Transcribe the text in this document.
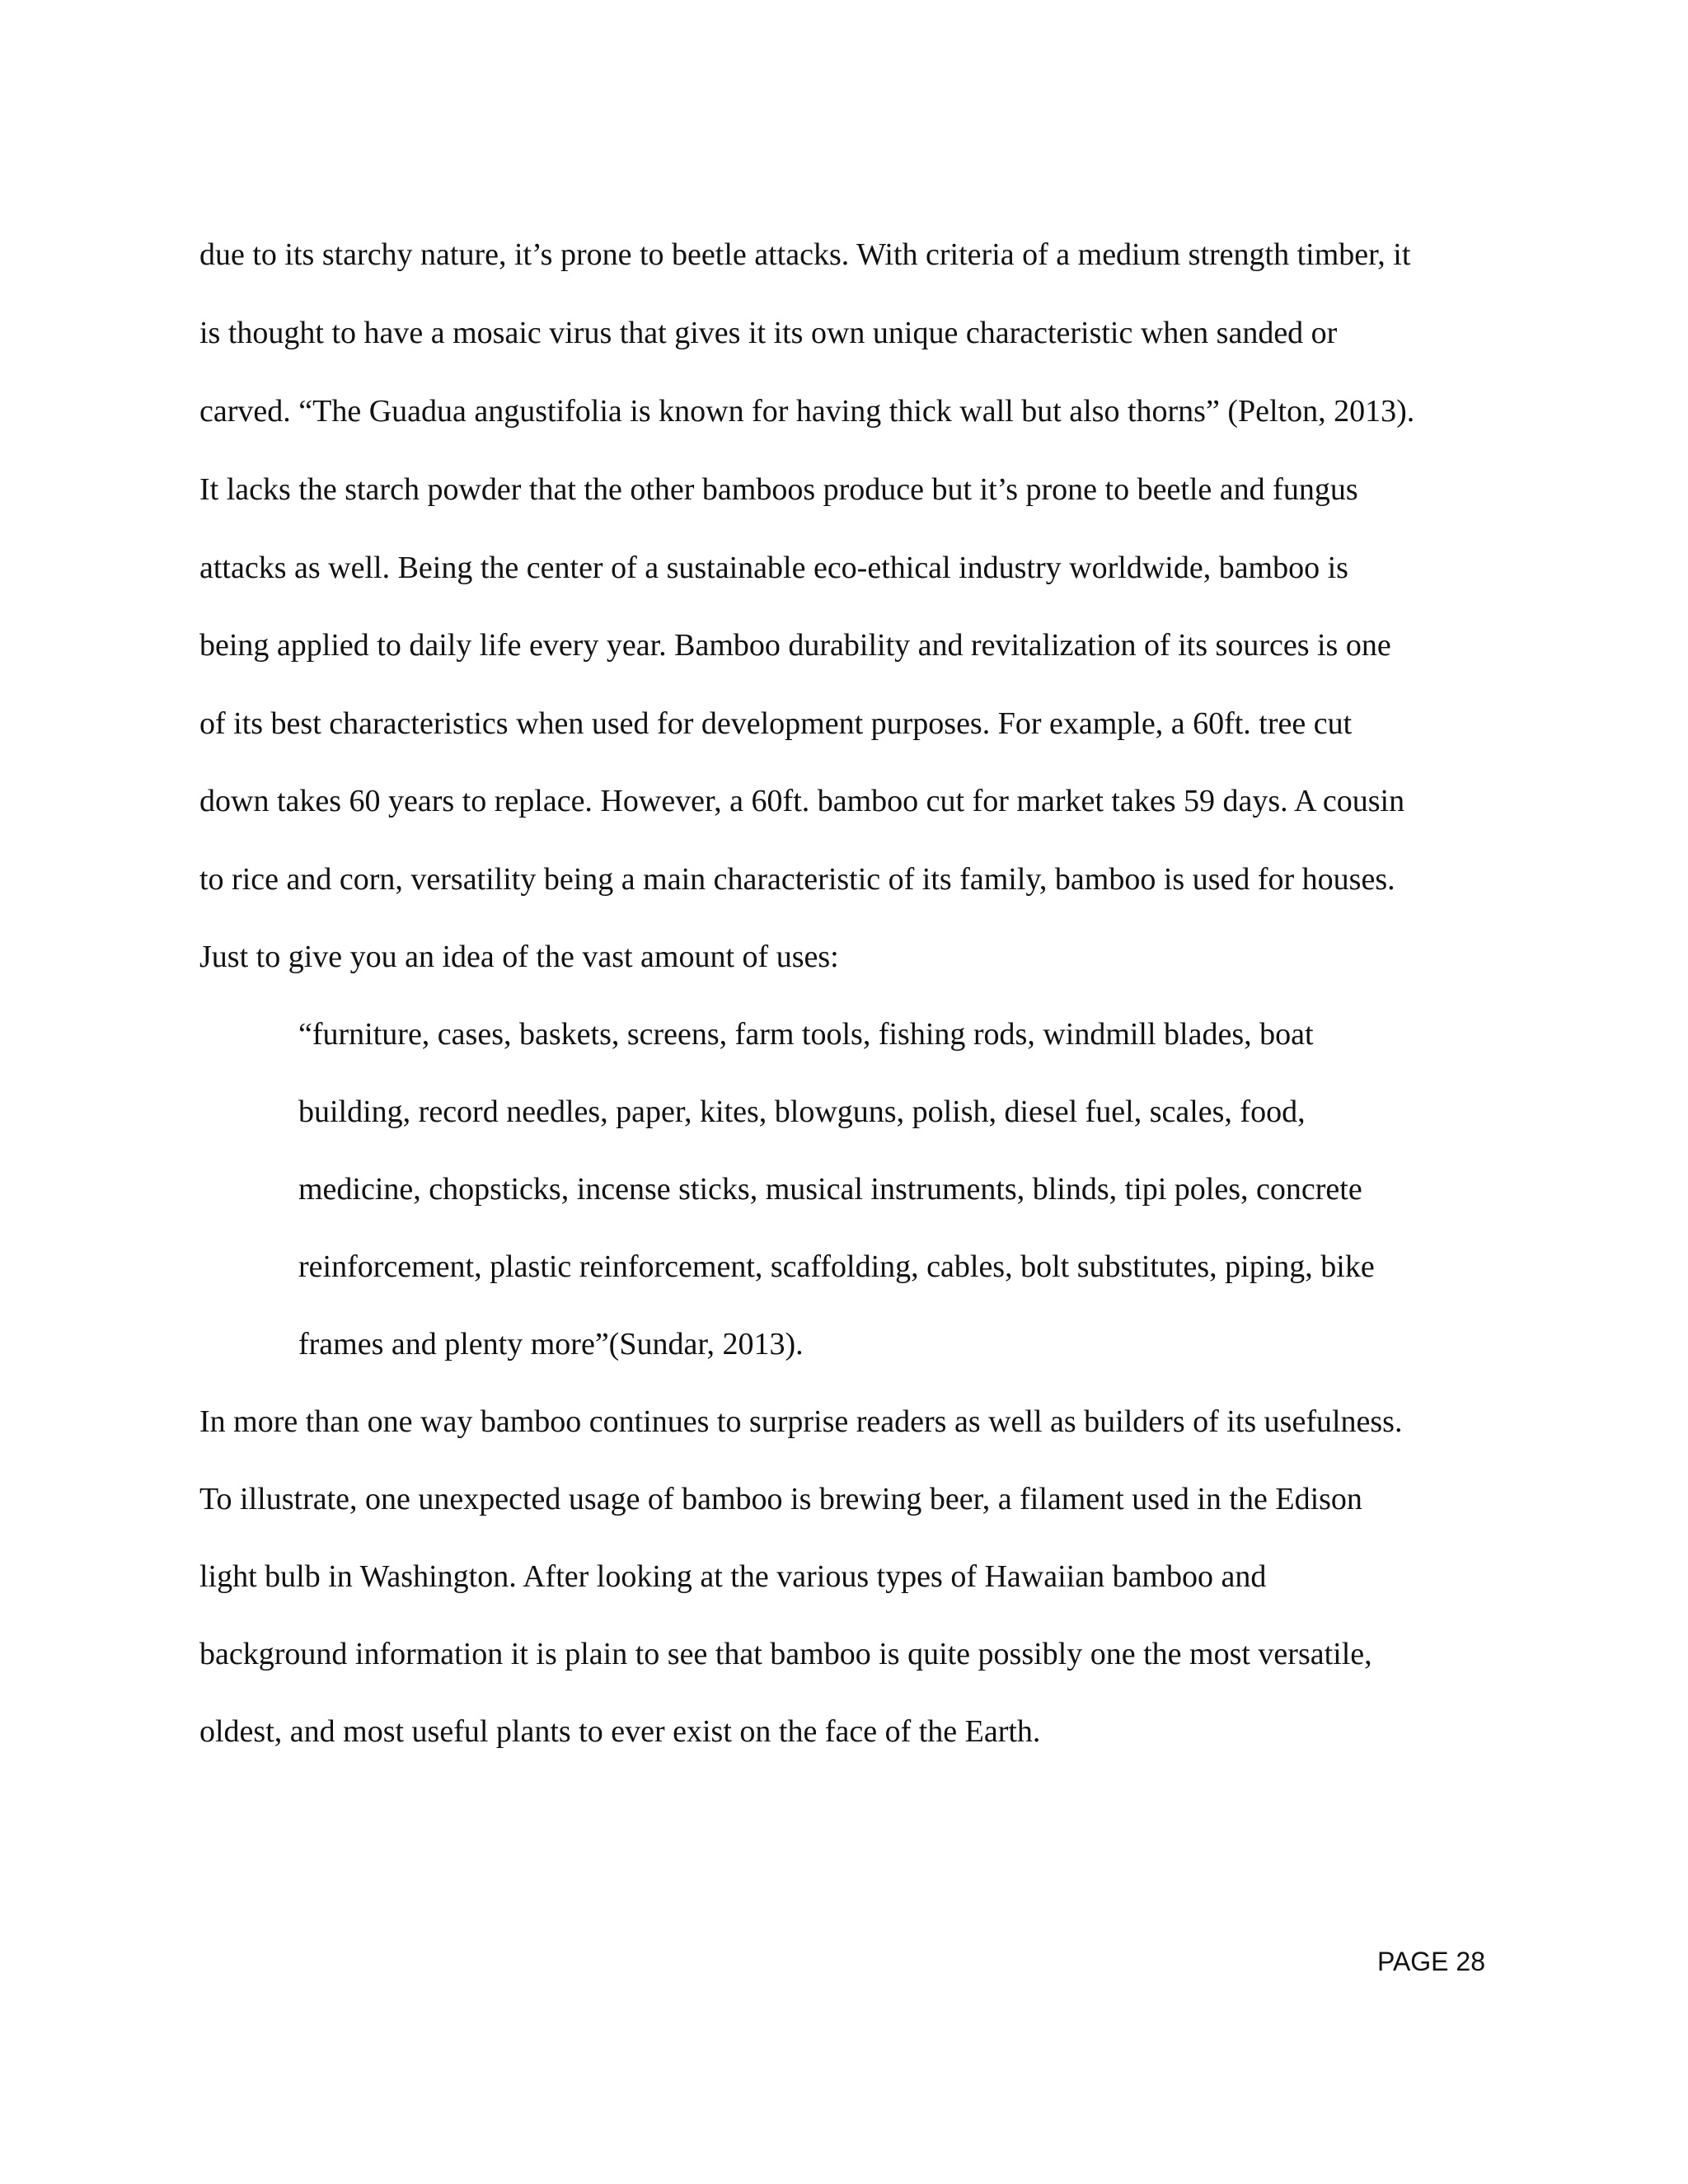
due to its starchy nature, it’s prone to beetle attacks. With criteria of a medium strength timber, it
is thought to have a mosaic virus that gives it its own unique characteristic when sanded or
carved. “The Guadua angustifolia is known for having thick wall but also thorns” (Pelton, 2013).
It lacks the starch powder that the other bamboos produce but it’s prone to beetle and fungus
attacks as well. Being the center of a sustainable eco-ethical industry worldwide, bamboo is
being applied to daily life every year. Bamboo durability and revitalization of its sources is one
of its best characteristics when used for development purposes. For example, a 60ft. tree cut
down takes 60 years to replace. However, a 60ft. bamboo cut for market takes 59 days. A cousin
to rice and corn, versatility being a main characteristic of its family, bamboo is used for houses.
Just to give you an idea of the vast amount of uses:
“furniture, cases, baskets, screens, farm tools, fishing rods, windmill blades, boat
building, record needles, paper, kites, blowguns, polish, diesel fuel, scales, food,
medicine, chopsticks, incense sticks, musical instruments, blinds, tipi poles, concrete
reinforcement, plastic reinforcement, scaffolding, cables, bolt substitutes, piping, bike
frames and plenty more”(Sundar, 2013).
In more than one way bamboo continues to surprise readers as well as builders of its usefulness.
To illustrate, one unexpected usage of bamboo is brewing beer, a filament used in the Edison
light bulb in Washington. After looking at the various types of Hawaiian bamboo and
background information it is plain to see that bamboo is quite possibly one the most versatile,
oldest, and most useful plants to ever exist on the face of the Earth.
PAGE 28
